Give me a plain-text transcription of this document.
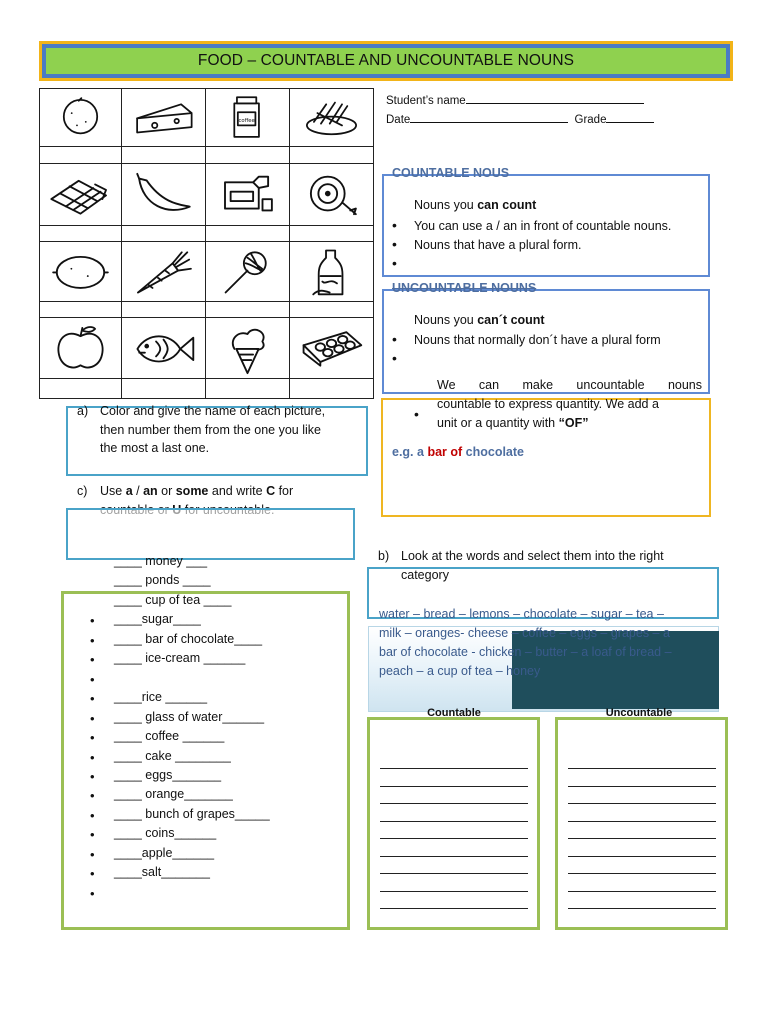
FOOD – COUNTABLE AND UNCOUNTABLE NOUNS
coffee
Student’s name
Date	Grade
COUNTABLE NOUS
Nouns you can count
• You can use a / an in front of countable nouns.
• Nouns that have a plural form.
•
UNCOUNTABLE NOUNS
Nouns you can´t count
• Nouns that normally don´t have a plural form
•
We can make uncountable nouns
countable to express quantity. We add a
unit or a quantity with “OF”
•
e.g. a bar of chocolate
a) Color and give the name of each picture,
then number them from the one you like
the most a last one.
c) Use a / an or some and write C for
____ money ___
____ ponds ____
____ cup of tea ____
• ____sugar____
• ____ bar of chocolate____
• ____ ice-cream ______
•
• ____rice ______
• ____ glass of water______
• ____ coffee ______
• ____ cake ________
• ____ eggs_______
• ____ orange_______
• ____ bunch of grapes_____
• ____ coins______
• ____apple______
• ____salt_______
•
b) Look at the words and select them into the right
category
water – bread – lemons – chocolate – sugar – tea –
milk – oranges- cheese – coffee – eggs – grapes – a
bar of chocolate - chicken – butter – a loaf of bread –
peach – a cup of tea – honey
Countable	Uncountable
